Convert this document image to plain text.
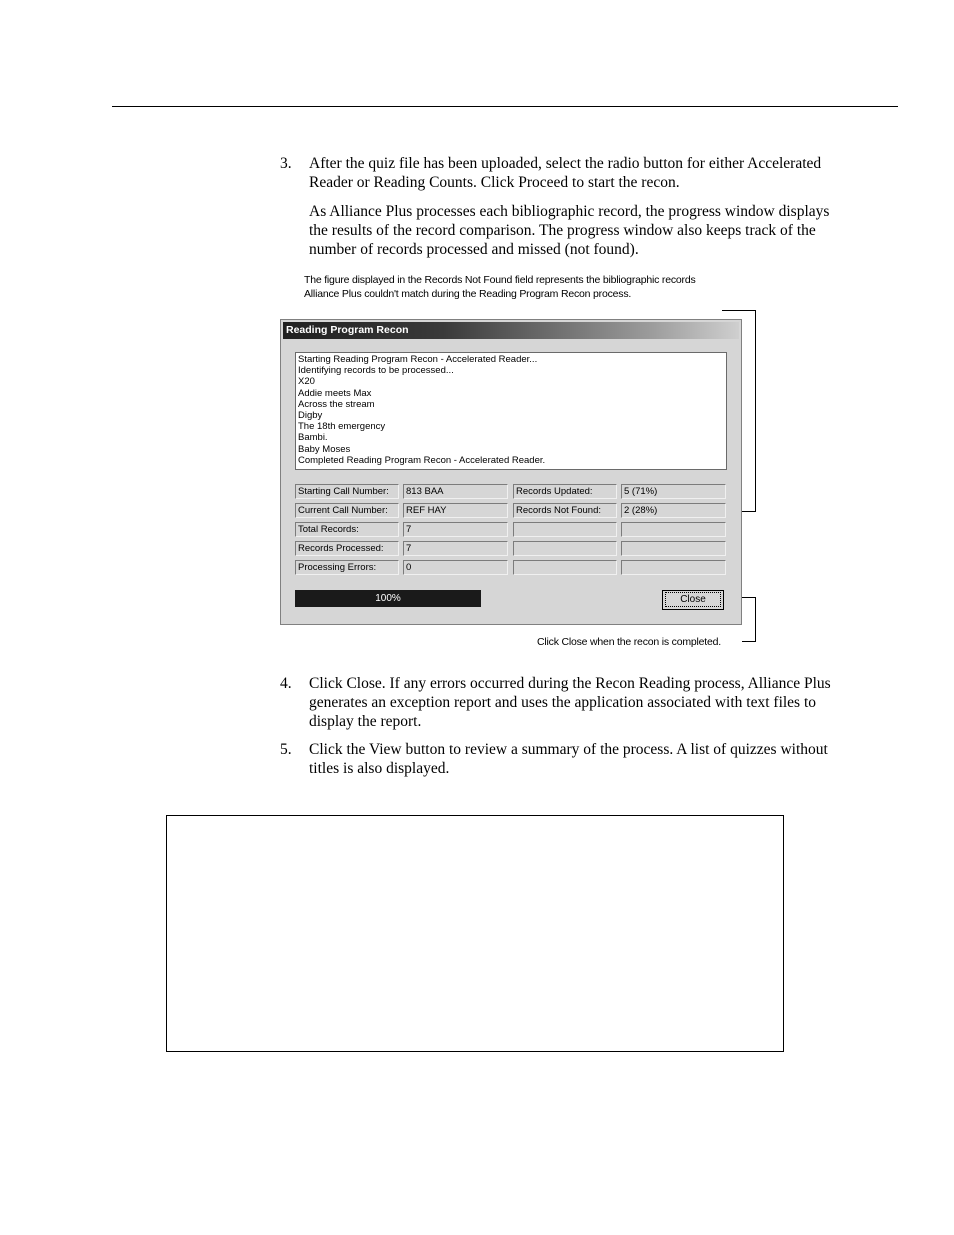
3. After the quiz file has been uploaded, select the radio button for either Accelerated Reader or Reading Counts. Click Proceed to start the recon.
As Alliance Plus processes each bibliographic record, the progress window displays the results of the record comparison. The progress window also keeps track of the number of records processed and missed (not found).
The figure displayed in the Records Not Found field represents the bibliographic records
Alliance Plus couldn't match during the Reading Program Recon process.
Reading Program Recon
Starting Reading Program Recon - Accelerated Reader...
Identifying records to be processed...
X20
Addie meets Max
Across the stream
Digby
The 18th emergency
Bambi.
Baby Moses
Completed Reading Program Recon - Accelerated Reader.
Starting Call Number:	813 BAA	Records Updated:	5 (71%)
Current Call Number:	REF HAY	Records Not Found:	2 (28%)
Total Records:	7
Records Processed:	7
Processing Errors:	0
100%	Close
Click Close when the recon is completed.
4. Click Close. If any errors occurred during the Recon Reading process, Alliance Plus generates an exception report and uses the application associated with text files to display the report.
5. Click the View button to review a summary of the process. A list of quizzes without titles is also displayed.
